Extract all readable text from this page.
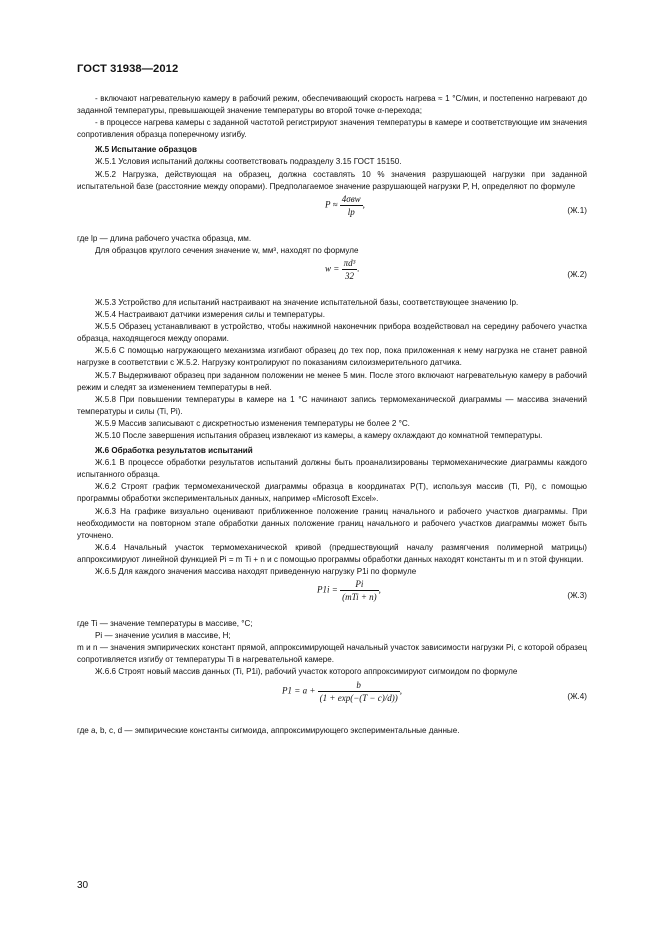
ГОСТ 31938—2012

- включают нагревательную камеру в рабочий режим, обеспечивающий скорость нагрева ≈ 1 °С/мин, и постепенно нагревают до заданной температуры, превышающей значение температуры во второй точке α-перехода;

- в процессе нагрева камеры с заданной частотой регистрируют значения температуры в камере и соответствующие им значения сопротивления образца поперечному изгибу.

Ж.5 Испытание образцов

Ж.5.1 Условия испытаний должны соответствовать подразделу 3.15 ГОСТ 15150.

Ж.5.2 Нагрузка, действующая на образец, должна составлять 10 % значения разрушающей нагрузки при заданной испытательной базе (расстояние между опорами). Предполагаемое значение разрушающей нагрузки P, Н, определяют по формуле

$P \approx \frac{\text{4σвw}}{lр}$ ,
(Ж.1)

где lр — длина рабочего участка образца, мм.

Для образцов круглого сечения значение w, мм³, находят по формуле

$w = \frac{\text{πd³}}{32}$ .
(Ж.2)

Ж.5.3 Устройство для испытаний настраивают на значение испытательной базы, соответствующее значению lр.

Ж.5.4 Настраивают датчики измерения силы и температуры.

Ж.5.5 Образец устанавливают в устройство, чтобы нажимной наконечник прибора воздействовал на середину рабочего участка образца, находящегося между опорами.

Ж.5.6 С помощью нагружающего механизма изгибают образец до тех пор, пока приложенная к нему нагрузка не станет равной нагрузке в соответствии с Ж.5.2. Нагрузку контролируют по показаниям силоизмерительного датчика.

Ж.5.7 Выдерживают образец при заданном положении не менее 5 мин. После этого включают нагревательную камеру в рабочий режим и следят за изменением температуры в ней.

Ж.5.8 При повышении температуры в камере на 1 °С начинают запись термомеханической диаграммы — массива значений температуры и силы (Ti, Pi).

Ж.5.9 Массив записывают с дискретностью изменения температуры не более 2 °С.

Ж.5.10 После завершения испытания образец извлекают из камеры, а камеру охлаждают до комнатной температуры.

Ж.6 Обработка результатов испытаний

Ж.6.1 В процессе обработки результатов испытаний должны быть проанализированы термомеханические диаграммы каждого испытанного образца.

Ж.6.2 Строят график термомеханической диаграммы образца в координатах P(T), используя массив (Ti, Pi), с помощью программы обработки экспериментальных данных, например «Microsoft Excel».

Ж.6.3 На графике визуально оценивают приближенное положение границ начального и рабочего участков диаграммы. При необходимости на повторном этапе обработки данных положение границ начального и рабочего участков диаграммы может быть уточнено.

Ж.6.4 Начальный участок термомеханической кривой (предшествующий началу размягчения полимерной матрицы) аппроксимируют линейной функцией Pi = m Ti + n и с помощью программы обработки данных находят константы m и n этой функции.

Ж.6.5 Для каждого значения массива находят приведенную нагрузку P1i по формуле

$P1i = \frac{Pi}{\text{(mTi + n)}}$ ,
(Ж.3)

где Ti — значение температуры в массиве, °С;

Pi — значение усилия в массиве, Н;

m и n — значения эмпирических констант прямой, аппроксимирующей начальный участок зависимости нагрузки Pi, с которой образец сопротивляется изгибу от температуры Ti в нагревательной камере.

Ж.6.6 Строят новый массив данных (Ti, P1i), рабочий участок которого аппроксимируют сигмоидом по формуле

$P1 = a + \frac{b}{(1 + \exp(-(T - c)/d))}$ ,
(Ж.4)

где a, b, c, d — эмпирические константы сигмоида, аппроксимирующего экспериментальные данные.

30
